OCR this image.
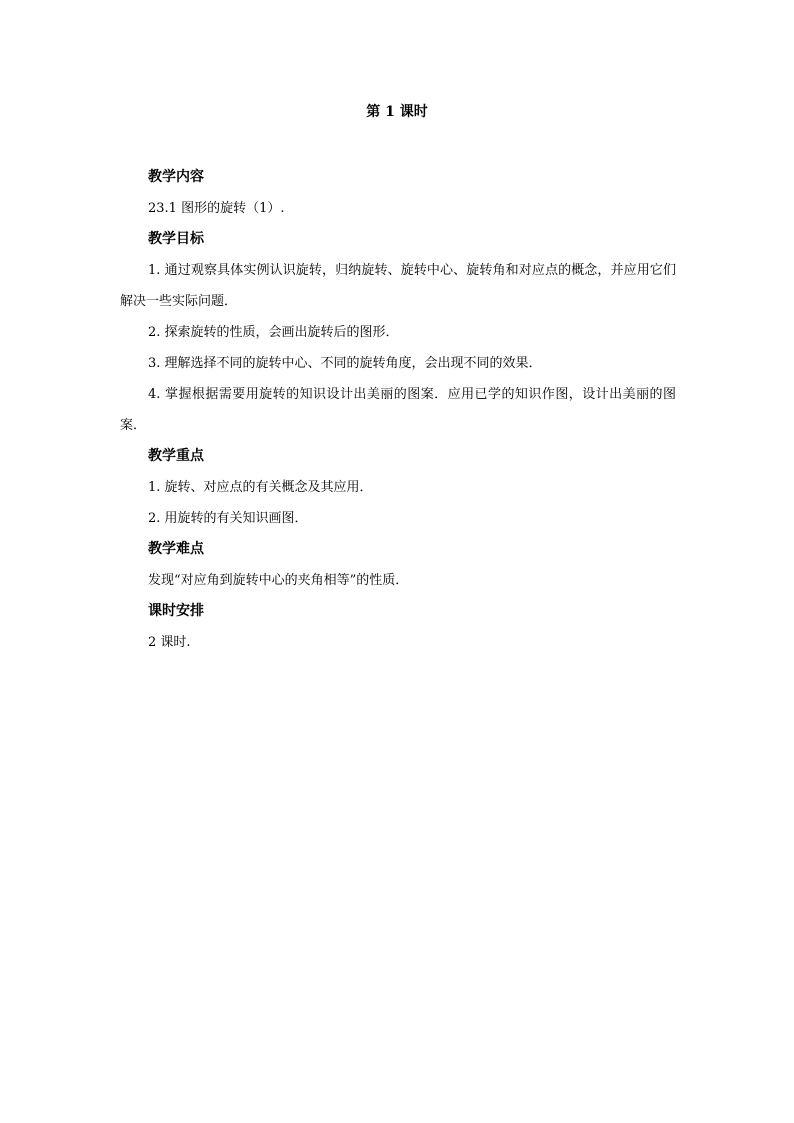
第 1 课时

教学内容

23.1 图形的旋转（1）.

教学目标

1. 通过观察具体实例认识旋转，归纳旋转、旋转中心、旋转角和对应点的概念，并应用它们解决一些实际问题．

2. 探索旋转的性质，会画出旋转后的图形．

3. 理解选择不同的旋转中心、不同的旋转角度，会出现不同的效果．

4. 掌握根据需要用旋转的知识设计出美丽的图案．应用已学的知识作图，设计出美丽的图案．

教学重点

1. 旋转、对应点的有关概念及其应用．

2. 用旋转的有关知识画图．

教学难点

发现“对应角到旋转中心的夹角相等”的性质．

课时安排

2 课时.
